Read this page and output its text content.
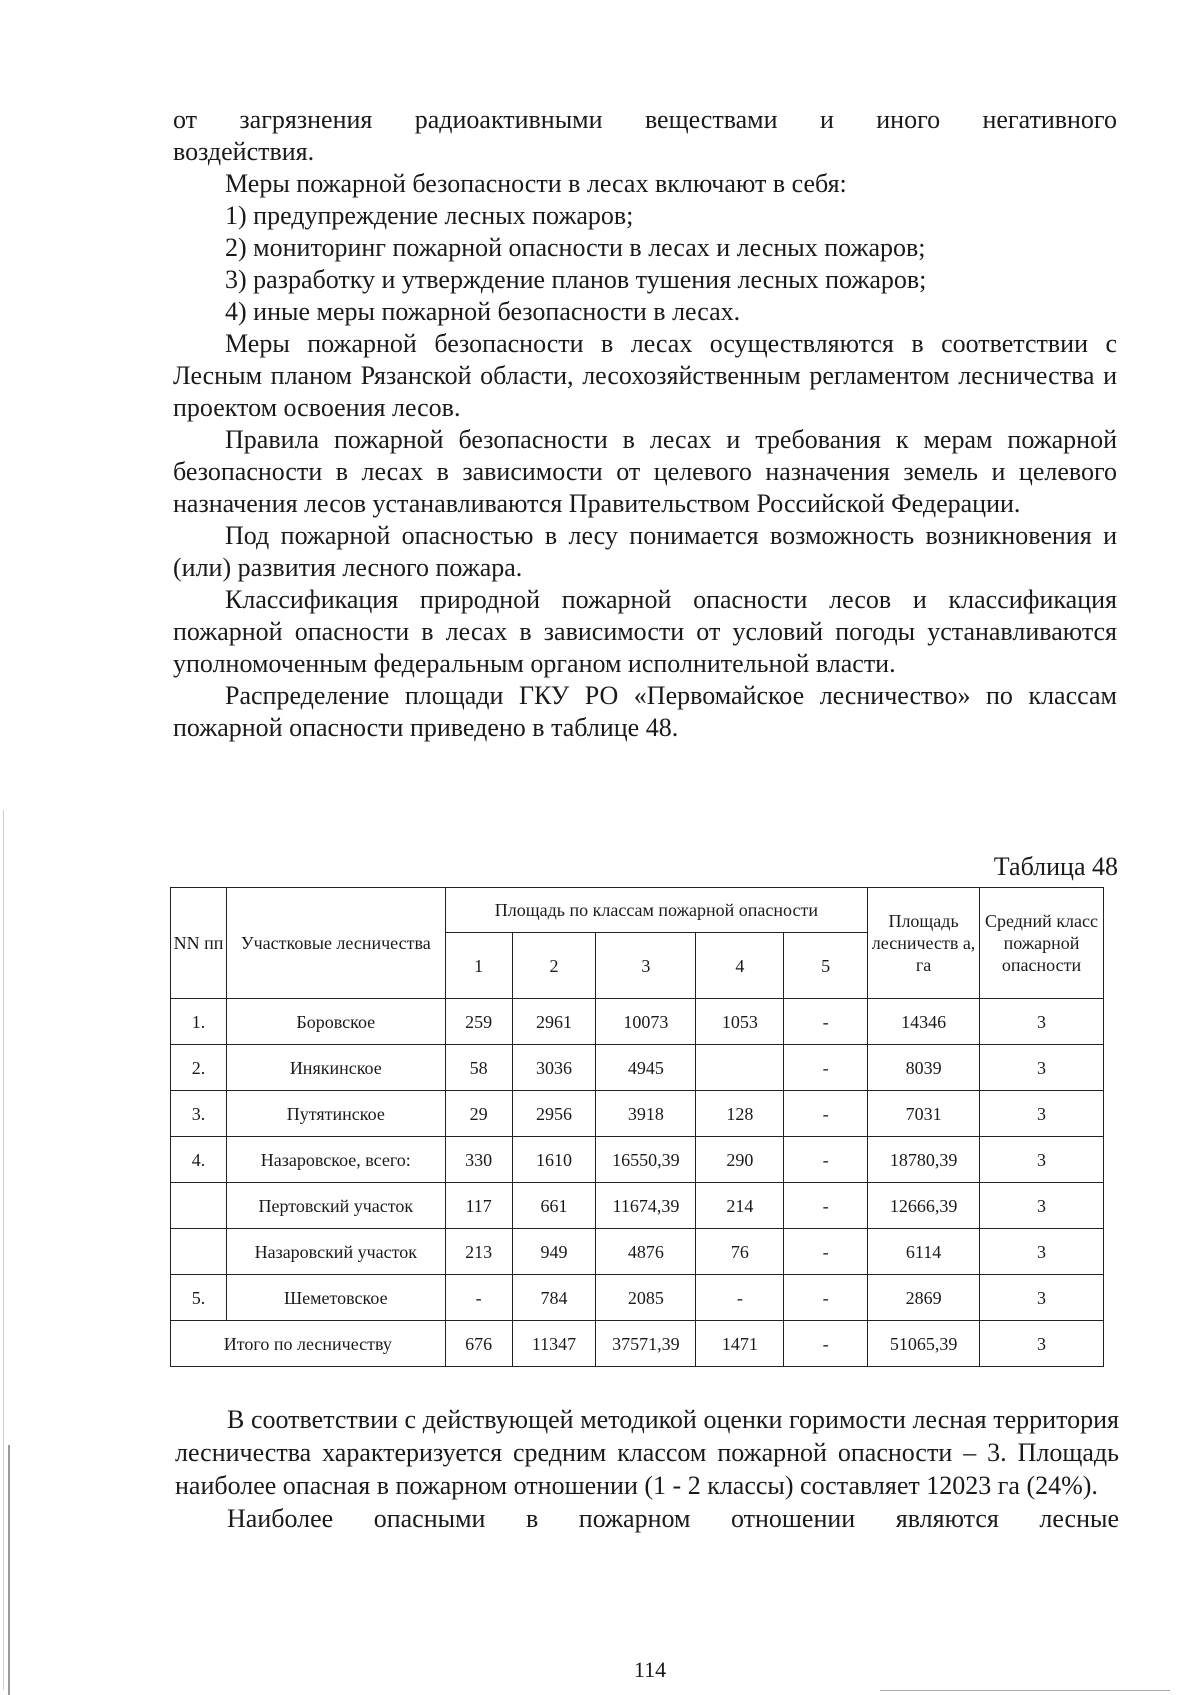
от загрязнения радиоактивными веществами и иного негативного

воздействия.

Меры пожарной безопасности в лесах включают в себя:

1) предупреждение лесных пожаров;

2) мониторинг пожарной опасности в лесах и лесных пожаров;

3) разработку и утверждение планов тушения лесных пожаров;

4) иные меры пожарной безопасности в лесах.

Меры пожарной безопасности в лесах осуществляются в соответствии с Лесным планом Рязанской области, лесохозяйственным регламентом лесничества и проектом освоения лесов.

Правила пожарной безопасности в лесах и требования к мерам пожарной безопасности в лесах в зависимости от целевого назначения земель и целевого назначения лесов устанавливаются Правительством Российской Федерации.

Под пожарной опасностью в лесу понимается возможность возникновения и (или) развития лесного пожара.

Классификация природной пожарной опасности лесов и классификация пожарной опасности в лесах в зависимости от условий погоды устанавливаются уполномоченным федеральным органом исполнительной власти.

Распределение площади ГКУ РО «Первомайское лесничество» по классам пожарной опасности приведено в таблице 48.

Таблица 48
NN пп	Участковые лесничества	Площадь по классам пожарной опасности					Площадь лесничеств а, га	Средний класс пожарной опасности
		1	2	3	4	5		
1.	Боровское	259	2961	10073	1053	-	14346	3
2.	Инякинское	58	3036	4945		-	8039	3
3.	Путятинское	29	2956	3918	128	-	7031	3
4.	Назаровское, всего:	330	1610	16550,39	290	-	18780,39	3
	Пертовский участок	117	661	11674,39	214	-	12666,39	3
	Назаровский участок	213	949	4876	76	-	6114	3
5.	Шеметовское	-	784	2085	-	-	2869	3
Итого по лесничеству		676	11347	37571,39	1471	-	51065,39	3

В соответствии с действующей методикой оценки горимости лесная территория лесничества характеризуется средним классом пожарной опасности – 3. Площадь наиболее опасная в пожарном отношении (1 - 2 классы) составляет 12023 га (24%).

Наиболее опасными в пожарном отношении являются лесные

114
